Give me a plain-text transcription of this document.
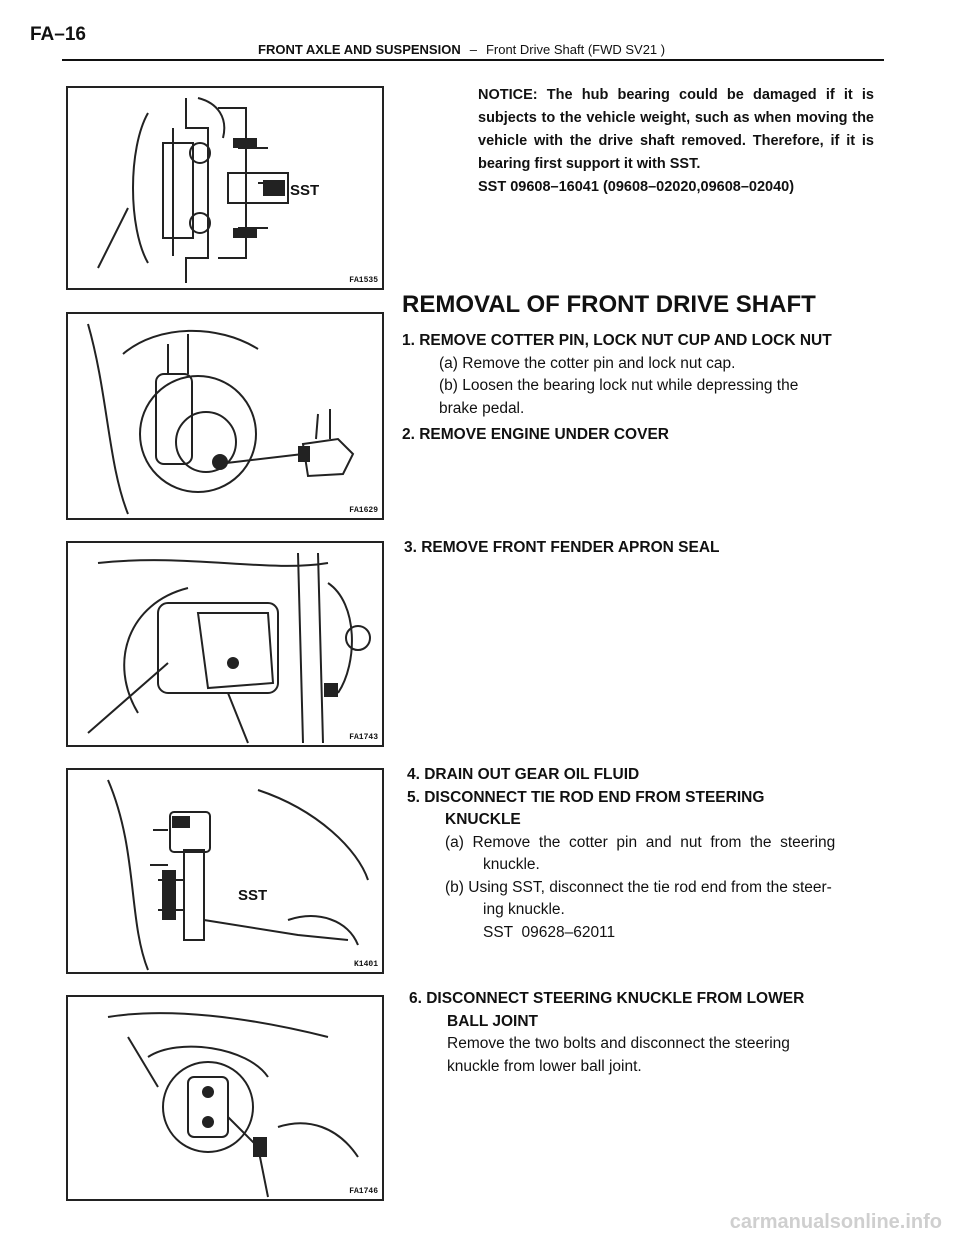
FA–16
FRONT AXLE AND SUSPENSION – Front Drive Shaft (FWD SV21 )
SST
FA1535

NOTICE: The hub bearing could be damaged if it is subjects to the vehicle weight, such as when moving the vehicle with the drive shaft removed. Therefore, if it is bearing first support it with SST.

SST 09608–16041 (09608–02020,09608–02040)

FA1629
REMOVAL OF FRONT DRIVE SHAFT

1. REMOVE COTTER PIN, LOCK NUT CUP AND LOCK NUT

(a) Remove the cotter pin and lock nut cap.

(b) Loosen the bearing lock nut while depressing the

brake pedal.

2. REMOVE ENGINE UNDER COVER

FA1743
3. REMOVE FRONT FENDER APRON SEAL
SST
K1401

4. DRAIN OUT GEAR OIL FLUID

5. DISCONNECT TIE ROD END FROM STEERING

KNUCKLE

(a)  Remove  the  cotter  pin  and  nut  from  the  steering

knuckle.

(b) Using SST, disconnect the tie rod end from the steer-

ing knuckle.

SST  09628–62011

FA1746

6. DISCONNECT STEERING KNUCKLE FROM LOWER

BALL JOINT

Remove the two bolts and disconnect the steering

knuckle from lower ball joint.

carmanualsonline.info
